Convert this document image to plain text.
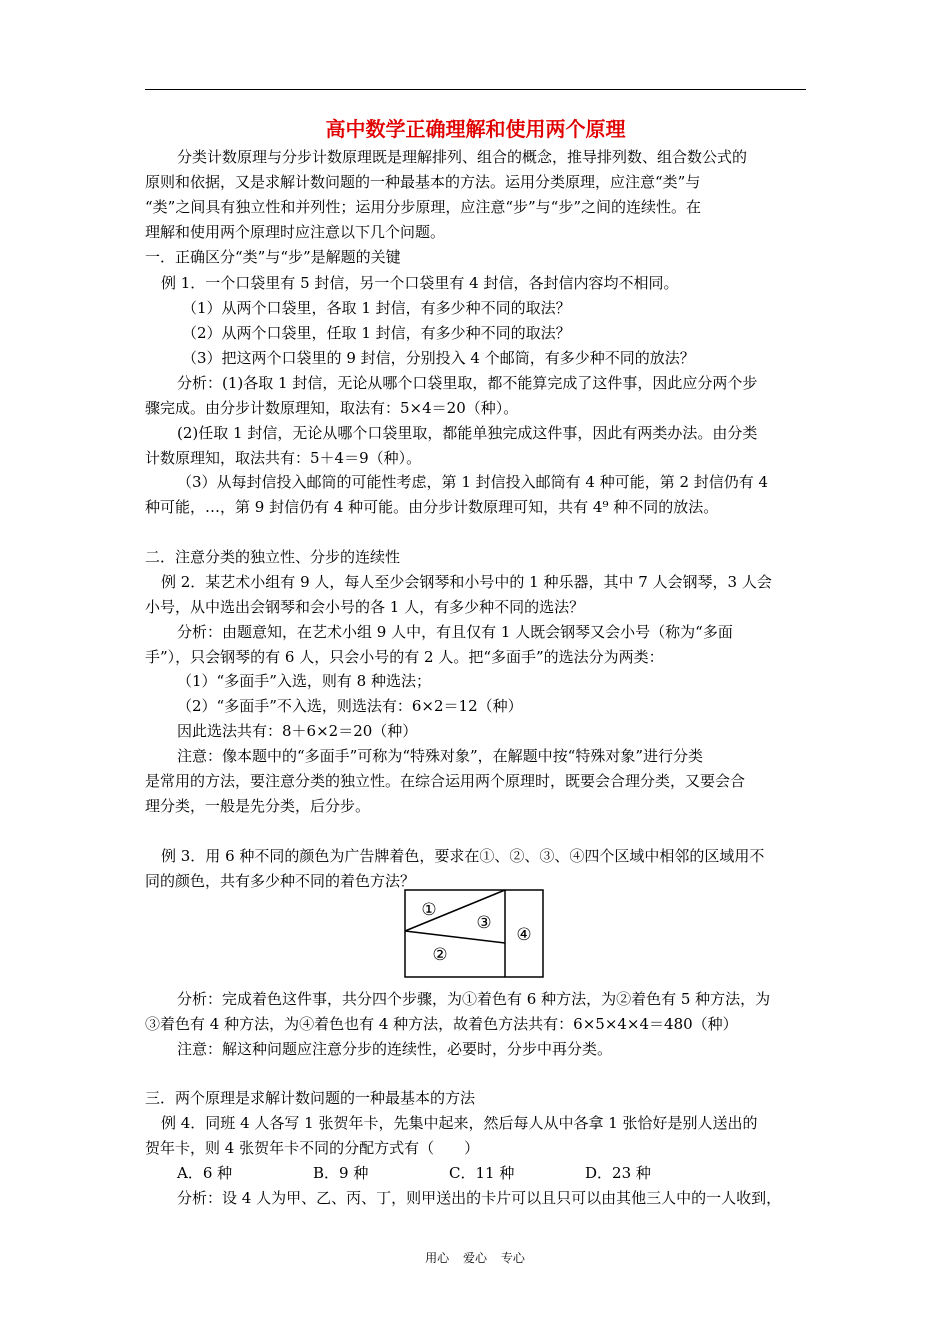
高中数学正确理解和使用两个原理
分类计数原理与分步计数原理既是理解排列、组合的概念，推导排列数、组合数公式的
原则和依据，又是求解计数问题的一种最基本的方法。运用分类原理，应注意“类”与
“类”之间具有独立性和并列性；运用分步原理，应注意“步”与“步”之间的连续性。在
理解和使用两个原理时应注意以下几个问题。
一．正确区分“类”与“步”是解题的关键
例 1．一个口袋里有 5 封信，另一个口袋里有 4 封信，各封信内容均不相同。
（1）从两个口袋里，各取 1 封信，有多少种不同的取法？
（2）从两个口袋里，任取 1 封信，有多少种不同的取法？
（3）把这两个口袋里的 9 封信，分别投入 4 个邮筒，有多少种不同的放法？
分析：(1)各取 1 封信，无论从哪个口袋里取，都不能算完成了这件事，因此应分两个步
骤完成。由分步计数原理知，取法有：5×4＝20（种）。
(2)任取 1 封信，无论从哪个口袋里取，都能单独完成这件事，因此有两类办法。由分类
计数原理知，取法共有：5＋4＝9（种）。
（3）从每封信投入邮筒的可能性考虑，第 1 封信投入邮筒有 4 种可能，第 2 封信仍有 4
种可能，…，第 9 封信仍有 4 种可能。由分步计数原理可知，共有 4⁹ 种不同的放法。
二．注意分类的独立性、分步的连续性
例 2．某艺术小组有 9 人，每人至少会钢琴和小号中的 1 种乐器，其中 7 人会钢琴，3 人会
小号，从中选出会钢琴和会小号的各 1 人，有多少种不同的选法？
分析：由题意知，在艺术小组 9 人中，有且仅有 1 人既会钢琴又会小号（称为“多面
手”），只会钢琴的有 6 人，只会小号的有 2 人。把“多面手”的选法分为两类：
（1）“多面手”入选，则有 8 种选法；
（2）“多面手”不入选，则选法有：6×2＝12（种）
因此选法共有：8＋6×2＝20（种）
注意：像本题中的“多面手”可称为“特殊对象”，在解题中按“特殊对象”进行分类
是常用的方法，要注意分类的独立性。在综合运用两个原理时，既要会合理分类，又要会合
理分类，一般是先分类，后分步。
例 3．用 6 种不同的颜色为广告牌着色，要求在①、②、③、④四个区域中相邻的区域用不
同的颜色，共有多少种不同的着色方法？
分析：完成着色这件事，共分四个步骤，为①着色有 6 种方法，为②着色有 5 种方法，为
③着色有 4 种方法，为④着色也有 4 种方法，故着色方法共有：6×5×4×4＝480（种）
注意：解这种问题应注意分步的连续性，必要时，分步中再分类。
三．两个原理是求解计数问题的一种最基本的方法
例 4．同班 4 人各写 1 张贺年卡，先集中起来，然后每人从中各拿 1 张恰好是别人送出的
贺年卡，则 4 张贺年卡不同的分配方式有（　　）
A．6 种	B．9 种	C．11 种	D．23 种
分析：设 4 人为甲、乙、丙、丁，则甲送出的卡片可以且只可以由其他三人中的一人收到，
①
②
③
④
用心 爱心 专心
